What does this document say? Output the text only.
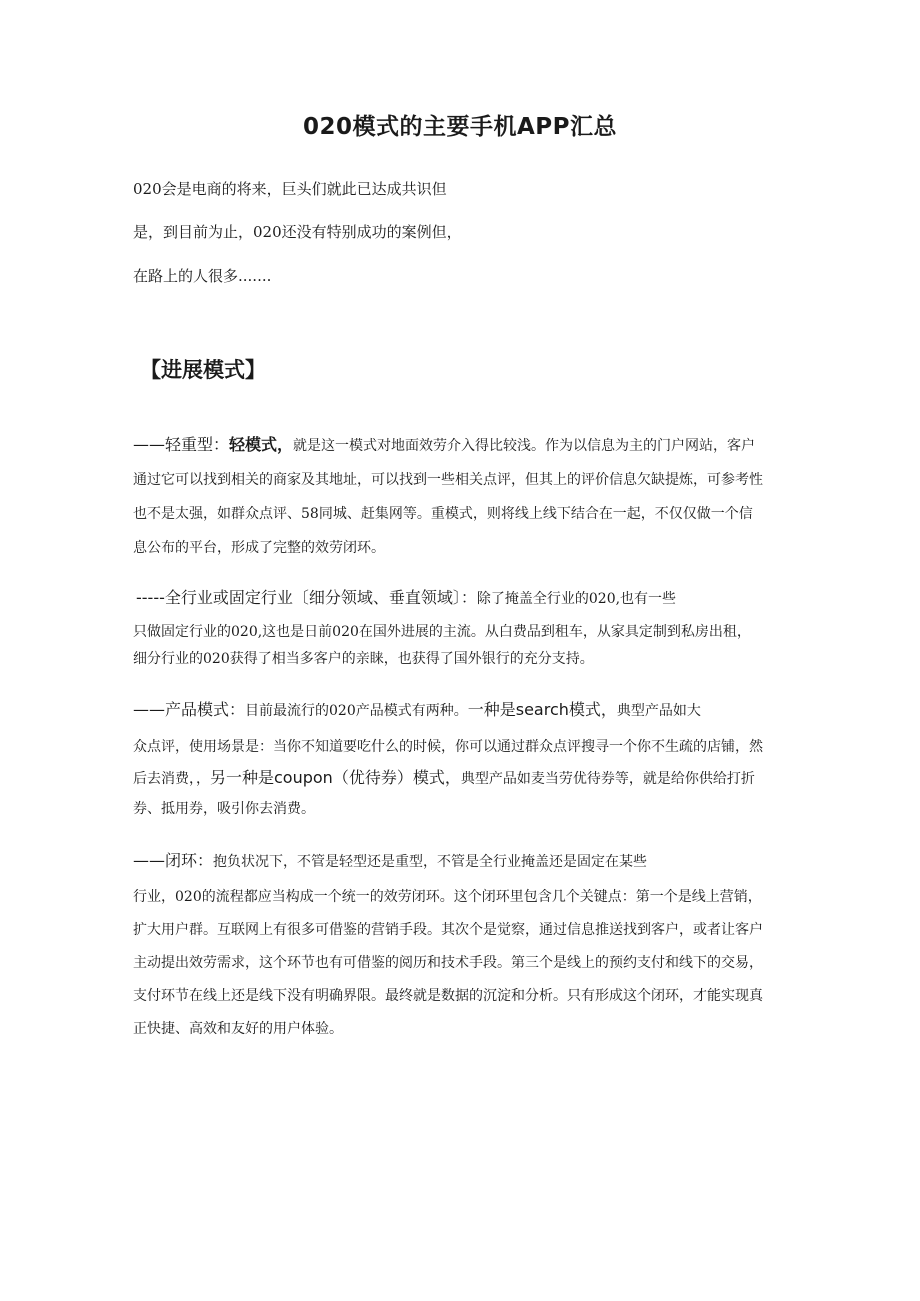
020模式的主要手机APP汇总
020会是电商的将来，巨头们就此已达成共识但
是，到目前为止，020还没有特别成功的案例但，
在路上的人很多.......
【进展模式】
——轻重型：轻模式，就是这一模式对地面效劳介入得比较浅。作为以信息为主的门户网站，客户
通过它可以找到相关的商家及其地址，可以找到一些相关点评，但其上的评价信息欠缺提炼，可参考性
也不是太强，如群众点评、58同城、赶集网等。重模式，则将线上线下结合在一起，不仅仅做一个信
息公布的平台，形成了完整的效劳闭环。
-----全行业或固定行业〔细分领域、垂直领域〕：除了掩盖全行业的020,也有一些
只做固定行业的020,这也是日前020在国外进展的主流。从白费品到租车，从家具定制到私房出租，
细分行业的020获得了相当多客户的亲睐，也获得了国外银行的充分支持。
——产品模式：目前最流行的020产品模式有两种。一种是search模式，典型产品如大
众点评，使用场景是：当你不知道要吃什么的时候，你可以通过群众点评搜寻一个你不生疏的店铺，然
后去消费，，另一种是coupon（优待券）模式，典型产品如麦当劳优待券等，就是给你供给打折
券、抵用券，吸引你去消费。
——闭环：抱负状况下，不管是轻型还是重型，不管是全行业掩盖还是固定在某些
行业，020的流程都应当构成一个统一的效劳闭环。这个闭环里包含几个关键点：第一个是线上营销，
扩大用户群。互联网上有很多可借鉴的营销手段。其次个是觉察，通过信息推送找到客户，或者让客户
主动提出效劳需求，这个环节也有可借鉴的阅历和技术手段。第三个是线上的预约支付和线下的交易，
支付环节在线上还是线下没有明确界限。最终就是数据的沉淀和分析。只有形成这个闭环，才能实现真
正快捷、高效和友好的用户体验。
